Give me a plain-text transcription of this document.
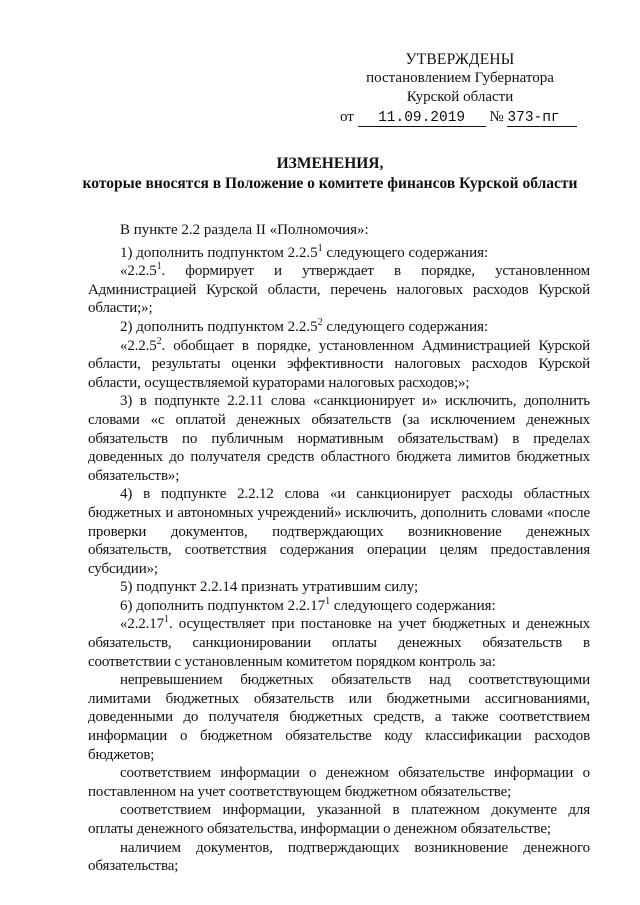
УТВЕРЖДЕНЫ
постановлением Губернатора
Курской области
от 11.09.2019 № 373-пг
ИЗМЕНЕНИЯ,
которые вносятся в Положение о комитете финансов Курской области

В пункте 2.2 раздела II «Полномочия»:

1) дополнить подпунктом 2.2.5$^1$ следующего содержания:

«2.2.5$^1$. формирует и утверждает в порядке, установленном Администрацией Курской области, перечень налоговых расходов Курской области;»;

2) дополнить подпунктом 2.2.5$^2$ следующего содержания:

«2.2.5$^2$. обобщает в порядке, установленном Администрацией Курской области, результаты оценки эффективности налоговых расходов Курской области, осуществляемой кураторами налоговых расходов;»;

3) в подпункте 2.2.11 слова «санкционирует и» исключить, дополнить словами «с оплатой денежных обязательств (за исключением денежных обязательств по публичным нормативным обязательствам) в пределах доведенных до получателя средств областного бюджета лимитов бюджетных обязательств»;

4) в подпункте 2.2.12 слова «и санкционирует расходы областных бюджетных и автономных учреждений» исключить, дополнить словами «после проверки документов, подтверждающих возникновение денежных обязательств, соответствия содержания операции целям предоставления субсидии»;

5) подпункт 2.2.14 признать утратившим силу;

6) дополнить подпунктом 2.2.17$^1$ следующего содержания:

«2.2.17$^1$. осуществляет при постановке на учет бюджетных и денежных обязательств, санкционировании оплаты денежных обязательств в соответствии с установленным комитетом порядком контроль за:

непревышением бюджетных обязательств над соответствующими лимитами бюджетных обязательств или бюджетными ассигнованиями, доведенными до получателя бюджетных средств, а также соответствием информации о бюджетном обязательстве коду классификации расходов бюджетов;

соответствием информации о денежном обязательстве информации о поставленном на учет соответствующем бюджетном обязательстве;

соответствием информации, указанной в платежном документе для оплаты денежного обязательства, информации о денежном обязательстве;

наличием документов, подтверждающих возникновение денежного обязательства;
